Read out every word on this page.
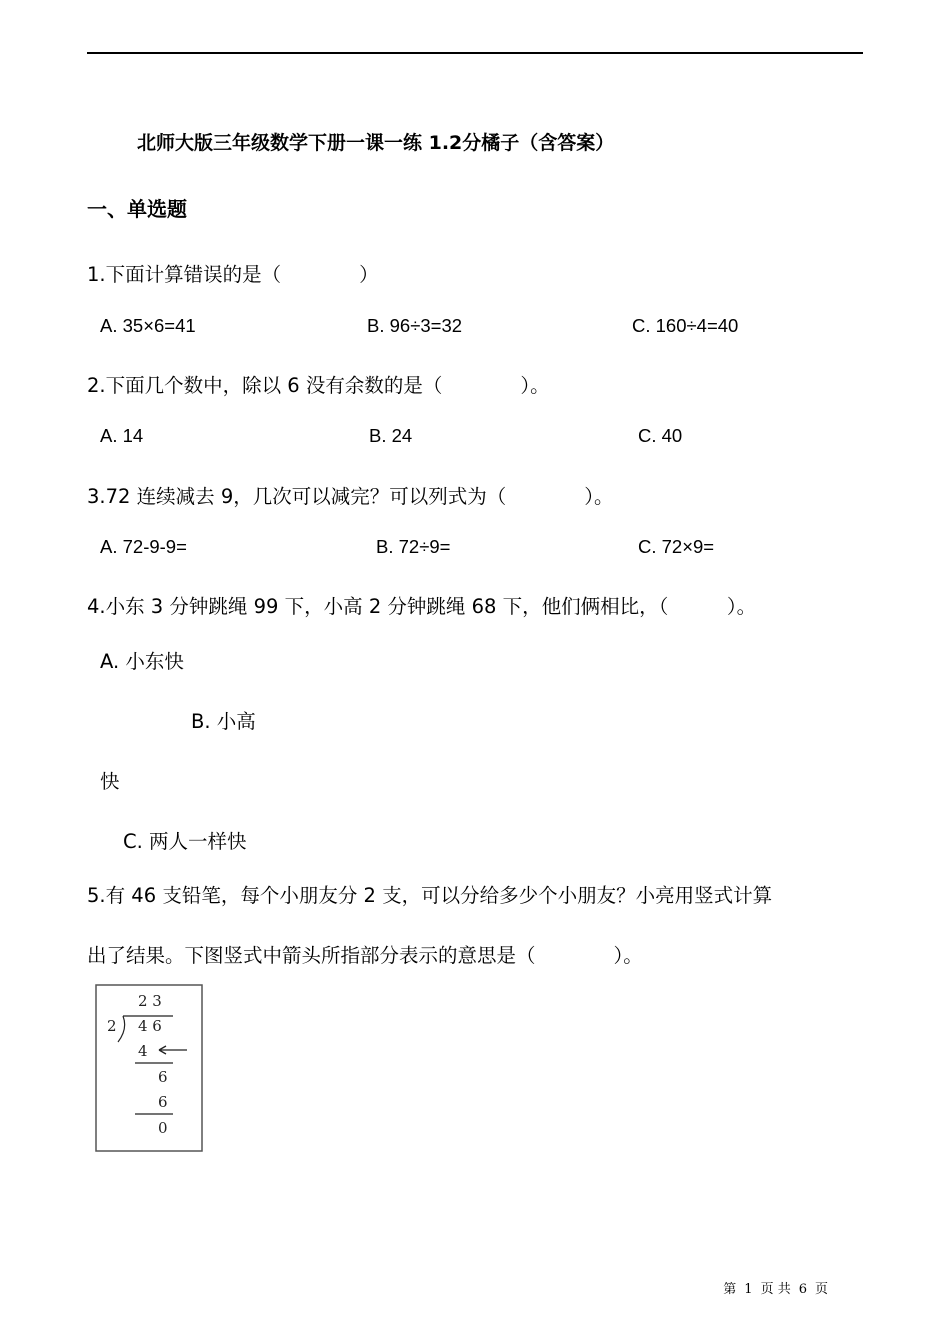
北师大版三年级数学下册一课一练 1.2分橘子（含答案）
一、单选题
1.下面计算错误的是（　　　　）
A. 35×6=41	B. 96÷3=32	C. 160÷4=40
2.下面几个数中，除以 6 没有余数的是（　　　　）。
A. 14	B. 24	C. 40
3.72 连续减去 9，几次可以减完？可以列式为（　　　　）。
A. 72-9-9=	B. 72÷9=	C. 72×9=
4.小东 3 分钟跳绳 99 下，小高 2 分钟跳绳 68 下，他们俩相比，（　　　）。
A. 小东快
B. 小高
快
C. 两人一样快
5.有 46 支铅笔，每个小朋友分 2 支，可以分给多少个小朋友？小亮用竖式计算
出了结果。下图竖式中箭头所指部分表示的意思是（　　　　）。
2 3
2 4 6
4
6
6
0
第 1 页 共 6 页
